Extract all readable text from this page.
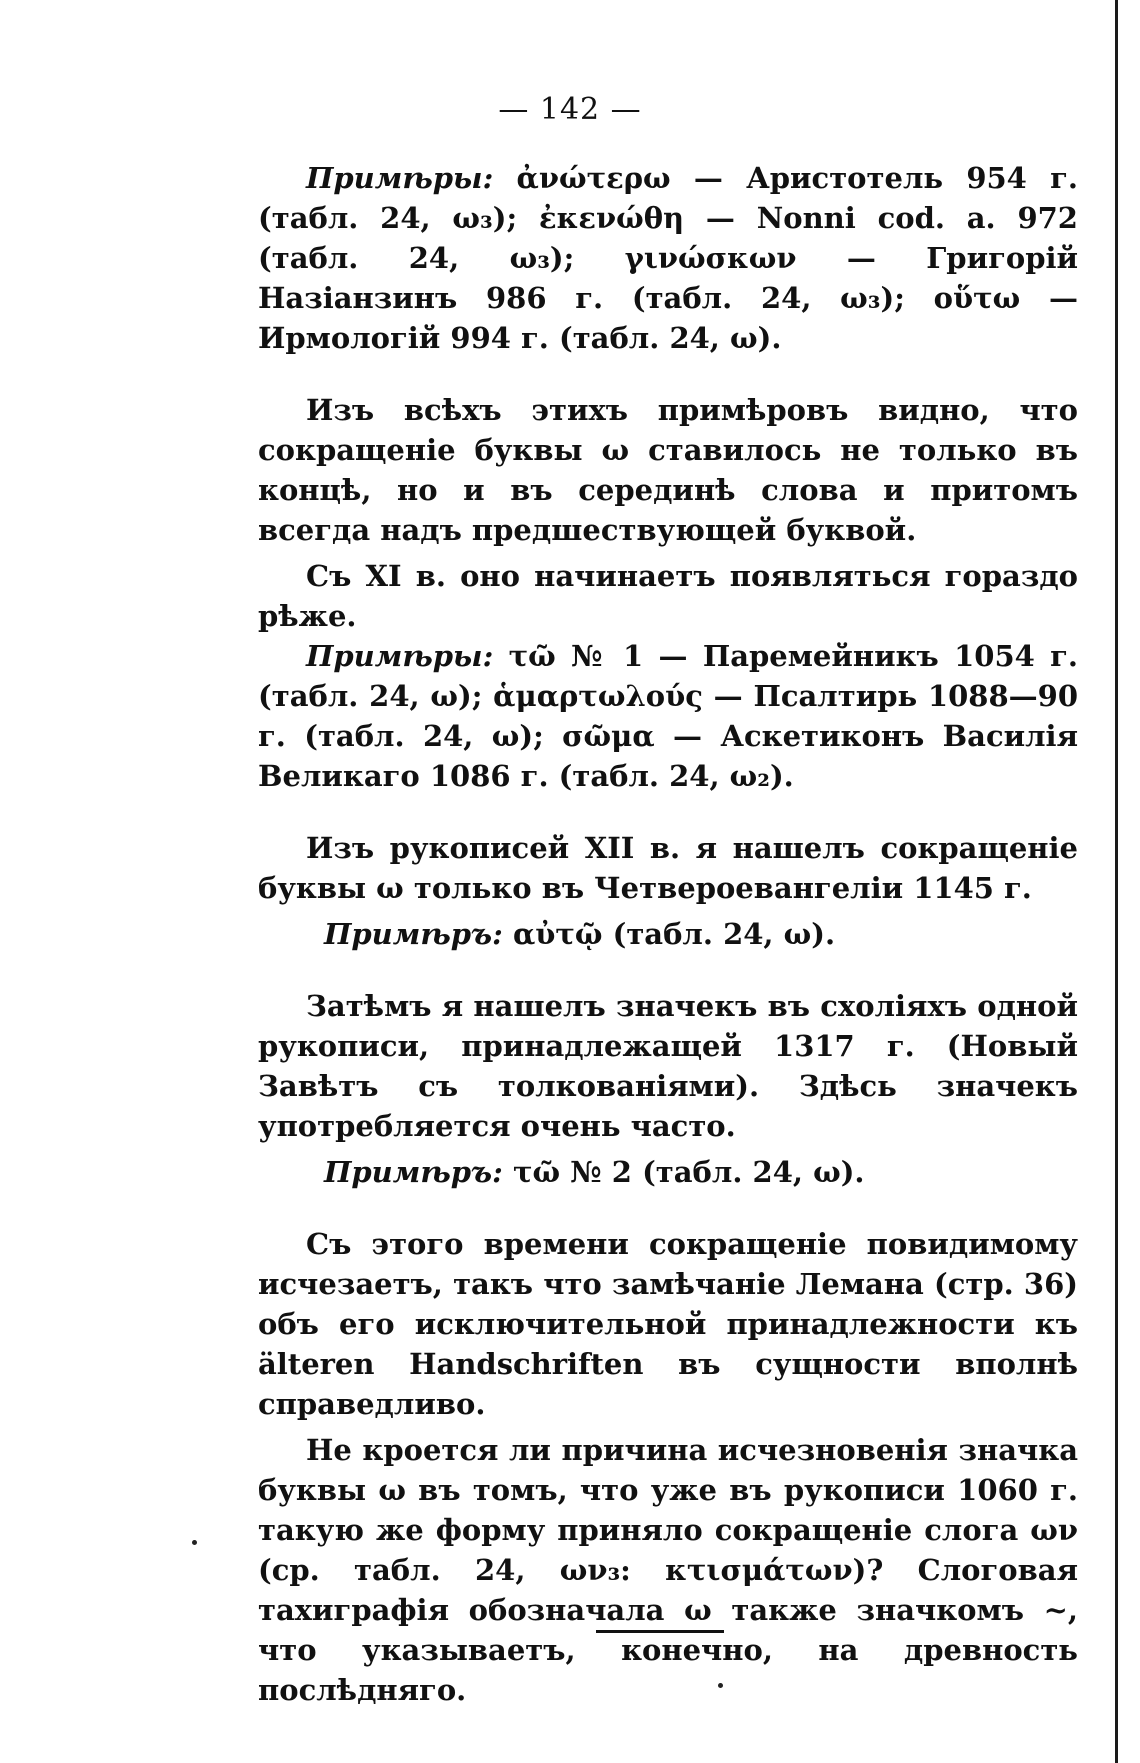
— 142 —

Примѣры: ἀνώτερω — Аристотель 954 г. (табл. 24, ω₃); ἐκενώθη — Nonni cod. a. 972 (табл. 24, ω₃); γινώσκων — Григорій Назіанзинъ 986 г. (табл. 24, ω₃); οὕτω — Ирмологій 994 г. (табл. 24, ω).

Изъ всѣхъ этихъ примѣровъ видно, что сокращеніе буквы ω ставилось не только въ концѣ, но и въ серединѣ слова и притомъ всегда надъ предшествующей буквой.

Съ XI в. оно начинаетъ появляться гораздо рѣже.

Примѣры: τῶ № 1 — Паремейникъ 1054 г. (табл. 24, ω); ἁμαρτωλούς — Псалтирь 1088—90 г. (табл. 24, ω); σῶμα — Аскетиконъ Василія Великаго 1086 г. (табл. 24, ω₂).

Изъ рукописей XII в. я нашелъ сокращеніе буквы ω только въ Четвероевангеліи 1145 г.

Примѣръ: αὐτῷ (табл. 24, ω).

Затѣмъ я нашелъ значекъ въ схоліяхъ одной рукописи, принадлежащей 1317 г. (Новый Завѣтъ съ толкованіями). Здѣсь значекъ употребляется очень часто.

Примѣръ: τῶ № 2 (табл. 24, ω).

Съ этого времени сокращеніе повидимому исчезаетъ, такъ что замѣчаніе Лемана (стр. 36) объ его исключительной принадлежности къ älteren Handschriften въ сущности вполнѣ справедливо.

Не кроется ли причина исчезновенія значка буквы ω въ томъ, что уже въ рукописи 1060 г. такую же форму приняло сокращеніе слога ων (ср. табл. 24, ων₃: κτισμάτων)? Слоговая тахиграфія обозначала ω также значкомъ ~, что указываетъ, конечно, на древность послѣдняго.
